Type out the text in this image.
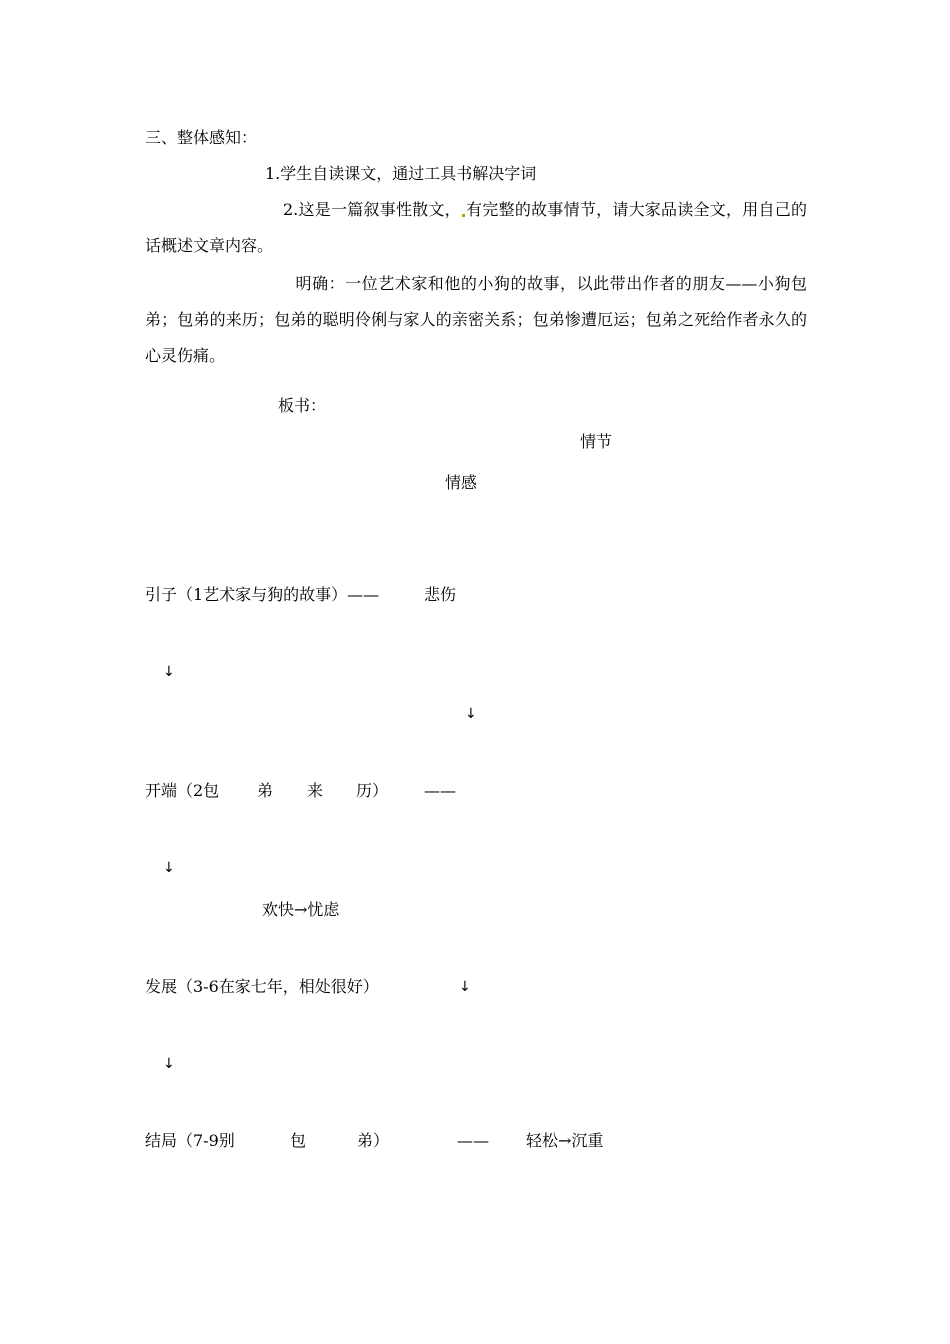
三、整体感知：
1.学生自读课文，通过工具书解决字词
2.这是一篇叙事性散文， 有完整的故事情节，请大家品读全文，用自己的话概述文章内容。
明确：一位艺术家和他的小狗的故事，以此带出作者的朋友——小狗包弟；包弟的来历；包弟的聪明伶俐与家人的亲密关系；包弟惨遭厄运；包弟之死给作者永久的心灵伤痛。
板书：
情节
情感
引子（1艺术家与狗的故事）——	悲伤
↓
↓
开端（2包 弟 来 历） ——
↓
欢快→忧虑
发展（3-6在家七年，相处很好）	↓
↓
结局（7-9别	包	弟）	—— 轻松→沉重
